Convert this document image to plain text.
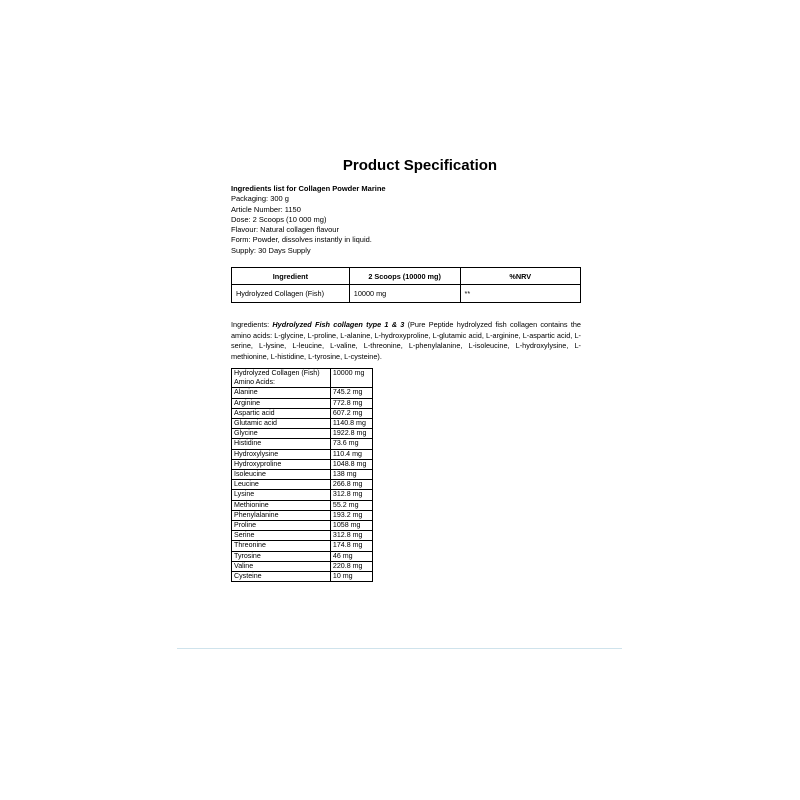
Product Specification
Ingredients list for Collagen Powder Marine
Packaging: 300 g
Article Number: 1150
Dose: 2 Scoops (10 000 mg)
Flavour: Natural collagen flavour
Form: Powder, dissolves instantly in liquid.
Supply: 30 Days Supply
Ingredient	2 Scoops (10000 mg)	%NRV
Hydrolyzed Collagen (Fish)	10000 mg	**
Ingredients: Hydrolyzed Fish collagen type 1 & 3 (Pure Peptide hydrolyzed fish collagen contains the amino acids: L-glycine, L-proline, L-alanine, L-hydroxyproline, L-glutamic acid, L-arginine, L-aspartic acid, L-serine, L-lysine, L-leucine, L-valine, L-threonine, L-phenylalanine, L-isoleucine, L-hydroxylysine, L-methionine, L-histidine, L-tyrosine, L-cysteine).
Hydrolyzed Collagen (Fish)	10000 mg
Amino Acids:	
Alanine	745.2 mg
Arginine	772.8 mg
Aspartic acid	607.2 mg
Glutamic acid	1140.8 mg
Glycine	1922.8 mg
Histidine	73.6 mg
Hydroxylysine	110.4 mg
Hydroxyproline	1048.8 mg
Isoleucine	138 mg
Leucine	266.8 mg
Lysine	312.8 mg
Methionine	55.2 mg
Phenylalanine	193.2 mg
Proline	1058 mg
Serine	312.8 mg
Threonine	174.8 mg
Tyrosine	46 mg
Valine	220.8 mg
Cysteine	10 mg
